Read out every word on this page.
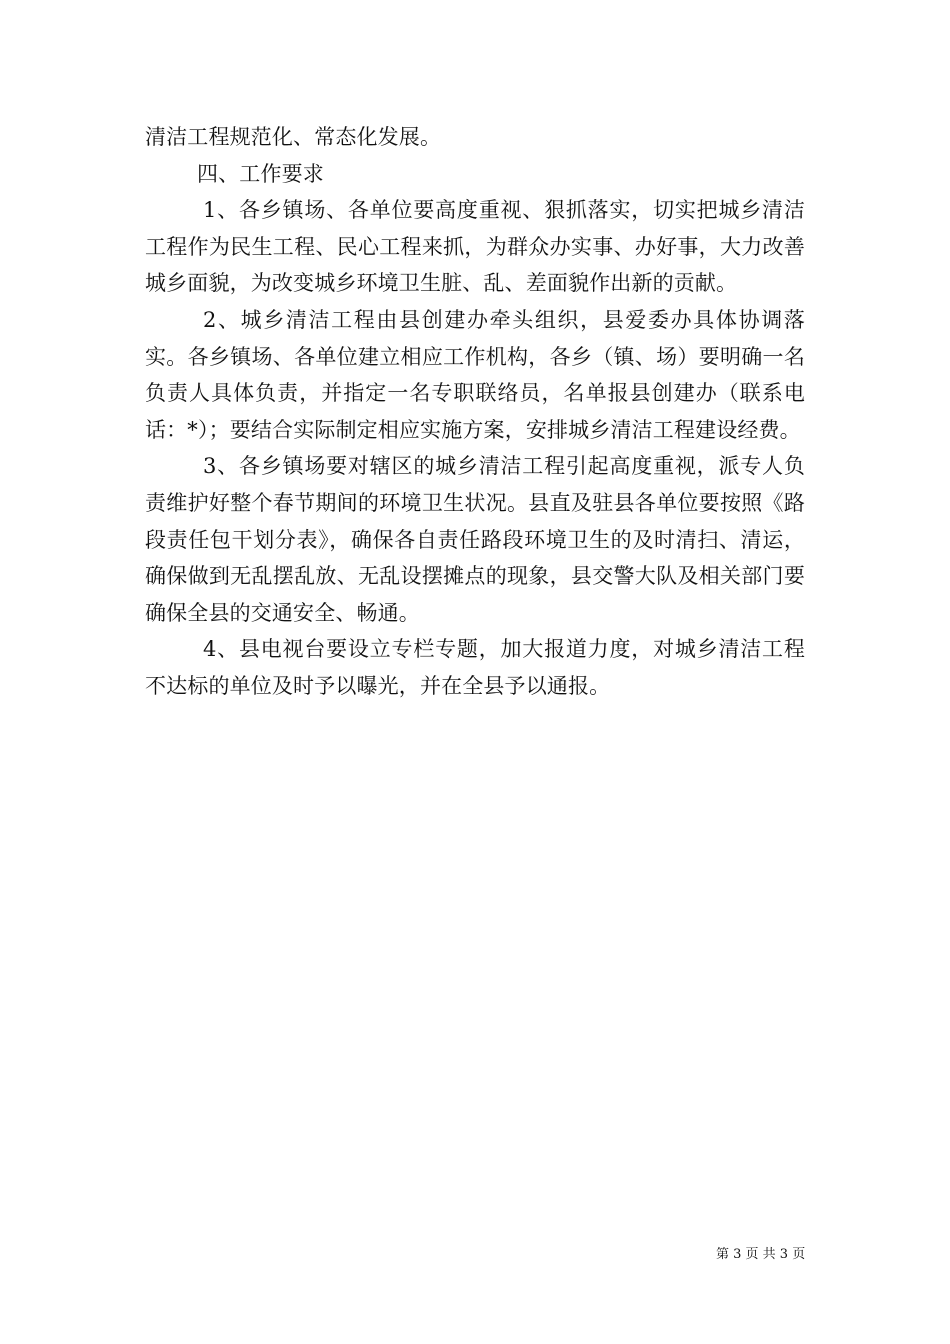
清洁工程规范化、常态化发展。

四、工作要求

1、各乡镇场、各单位要高度重视、狠抓落实，切实把城乡清洁工程作为民生工程、民心工程来抓，为群众办实事、办好事，大力改善城乡面貌，为改变城乡环境卫生脏、乱、差面貌作出新的贡献。

2、城乡清洁工程由县创建办牵头组织，县爱委办具体协调落实。各乡镇场、各单位建立相应工作机构，各乡（镇、场）要明确一名负责人具体负责，并指定一名专职联络员，名单报县创建办（联系电话：*）；要结合实际制定相应实施方案，安排城乡清洁工程建设经费。

3、各乡镇场要对辖区的城乡清洁工程引起高度重视，派专人负责维护好整个春节期间的环境卫生状况。县直及驻县各单位要按照《路段责任包干划分表》，确保各自责任路段环境卫生的及时清扫、清运，确保做到无乱摆乱放、无乱设摆摊点的现象，县交警大队及相关部门要确保全县的交通安全、畅通。

4、县电视台要设立专栏专题，加大报道力度，对城乡清洁工程不达标的单位及时予以曝光，并在全县予以通报。

第 3 页 共 3 页
